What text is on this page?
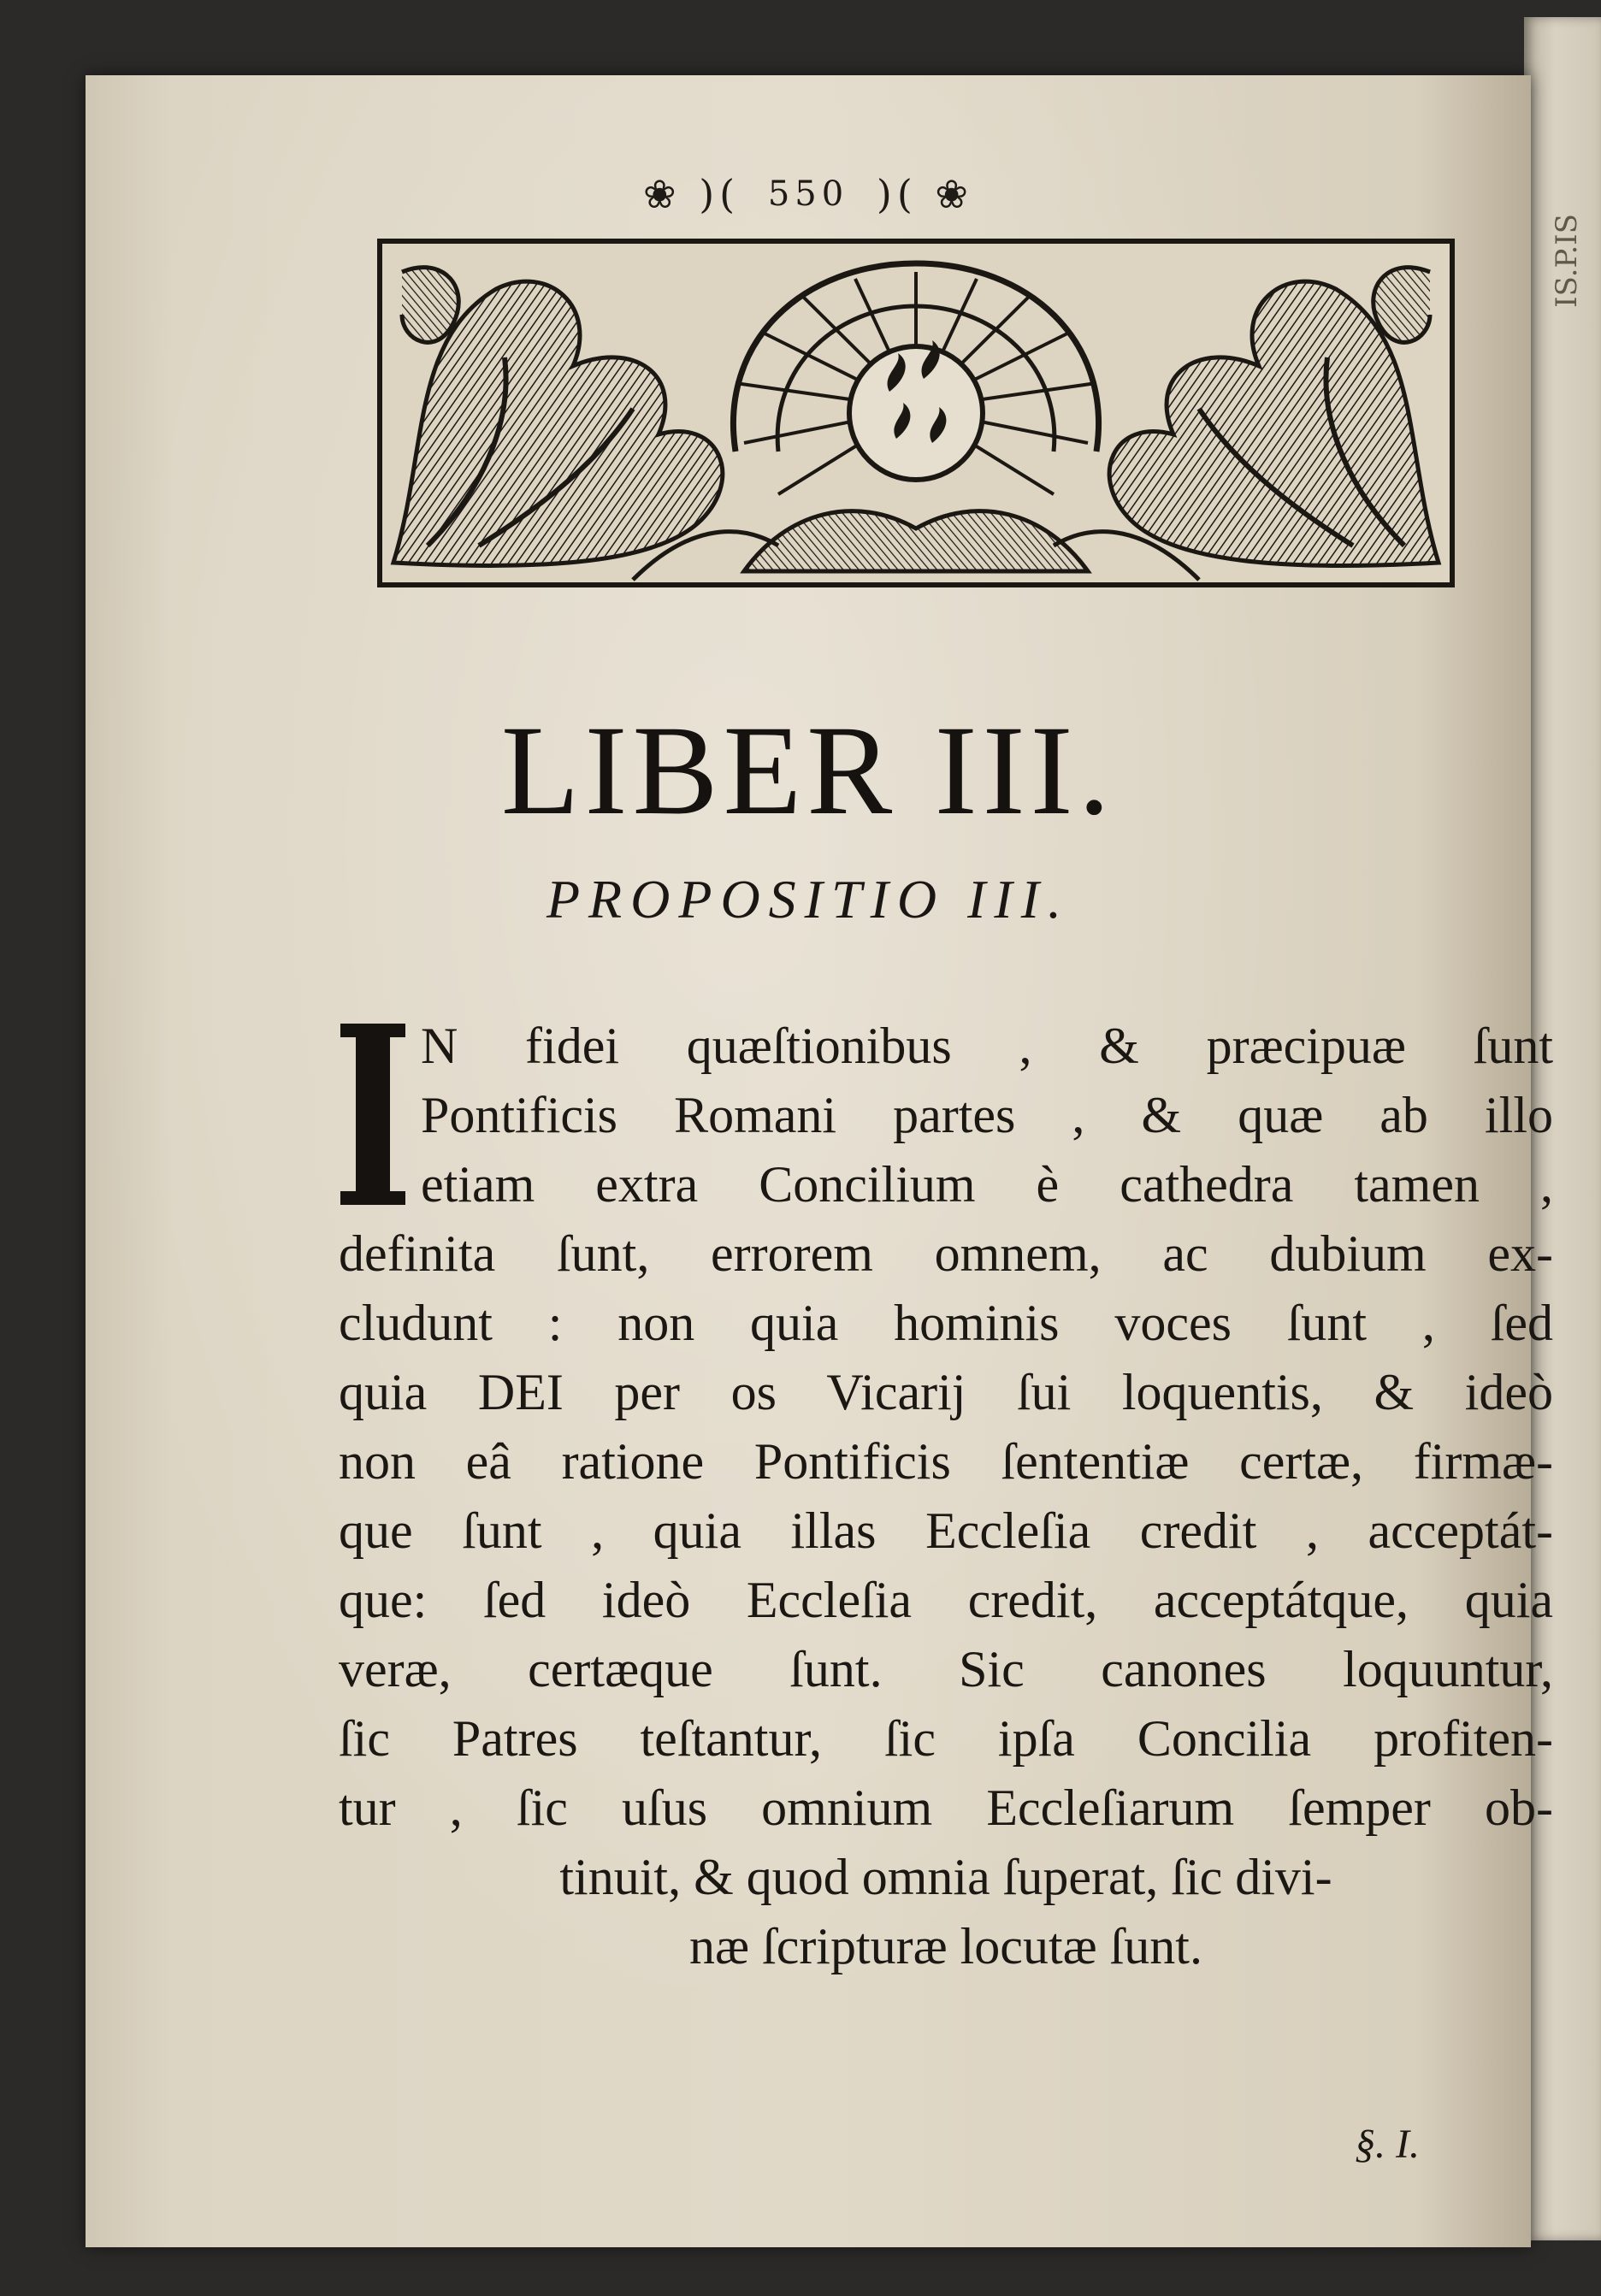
IS.P.IS
❀ )( 550 )( ❀
LIBER III.
PROPOSITIO III.
N fidei quæſtionibus , & præcipuæ ſunt
Pontificis Romani partes , & quæ ab illo
etiam extra Concilium è cathedra tamen ,
definita ſunt, errorem omnem, ac dubium ex-
cludunt : non quia hominis voces ſunt , ſed
quia DEI per os Vicarij ſui loquentis, & ideò
non eâ ratione Pontificis ſententiæ certæ, firmæ-
que ſunt , quia illas Eccleſia credit , acceptát-
que: ſed ideò Eccleſia credit, acceptátque, quia
veræ, certæque ſunt. Sic canones loquuntur,
ſic Patres teſtantur, ſic ipſa Concilia profiten-
tur , ſic uſus omnium Eccleſiarum ſemper ob-
tinuit, & quod omnia ſuperat, ſic divi-
næ ſcripturæ locutæ ſunt.
§. I.
